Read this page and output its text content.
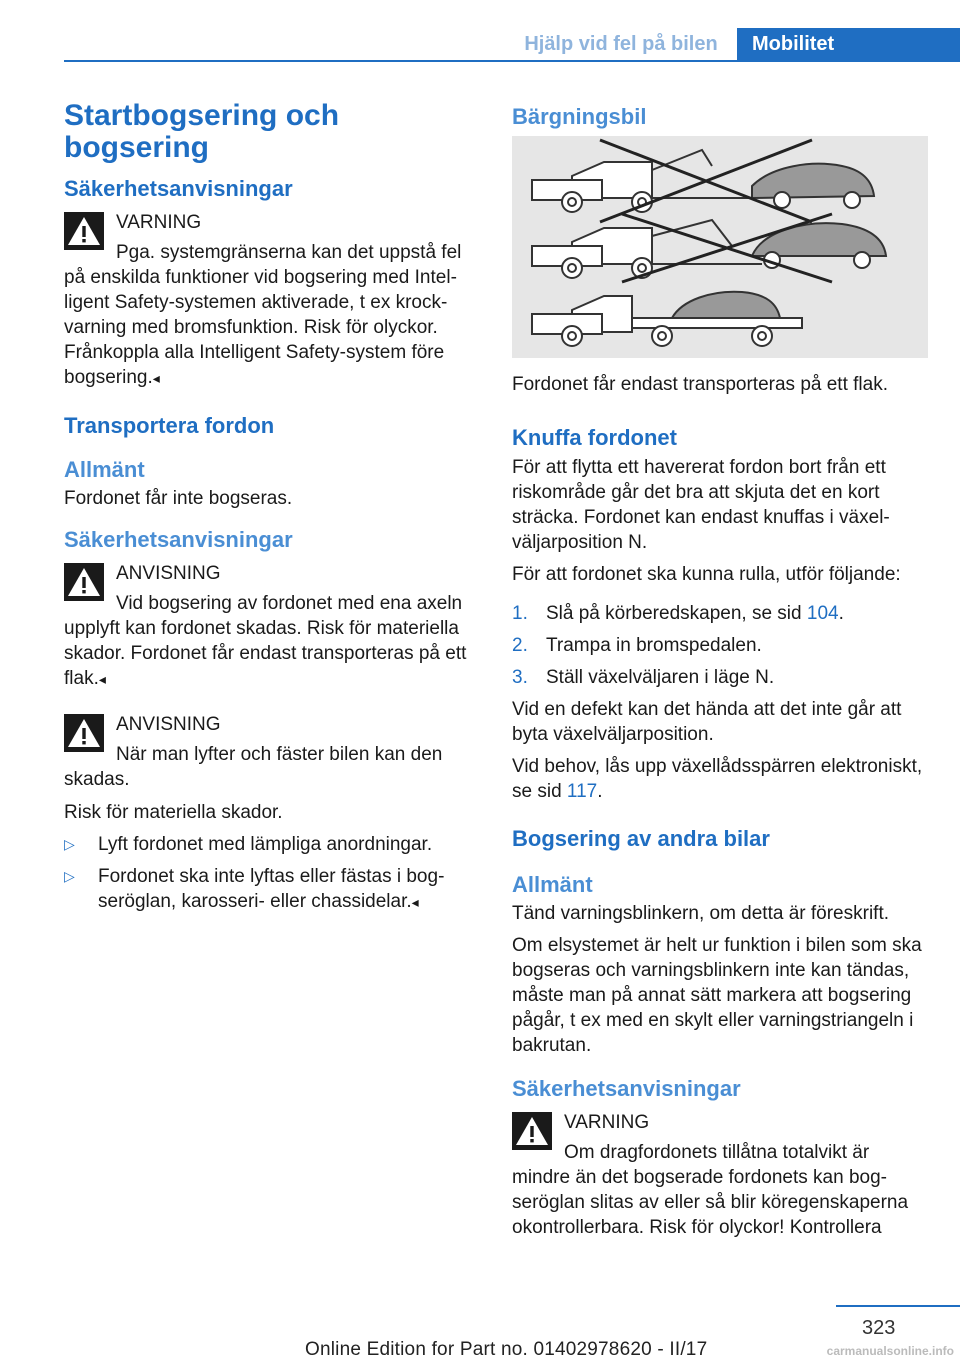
Hjälp vid fel på bilen	Mobilitet
Startbogsering och bogsering
Säkerhetsanvisningar
VARNING
Pga. systemgränserna kan det uppstå fel på enskilda funktioner vid bogsering med Intelligent Safety-systemen aktiverade, t ex krockvarning med bromsfunktion. Risk för olyckor. Frånkoppla alla Intelligent Safety-system före bogsering.◂
Transportera fordon
Allmänt

Fordonet får inte bogseras.

Säkerhetsanvisningar
ANVISNING
Vid bogsering av fordonet med ena axeln upplyft kan fordonet skadas. Risk för materiella skador. Fordonet får endast transporteras på ett flak.◂
ANVISNING
När man lyfter och fäster bilen kan den skadas.

Risk för materiella skador.

▷ Lyft fordonet med lämpliga anordningar.
▷ Fordonet ska inte lyftas eller fästas i bogseröglan, karosseri- eller chassidelar.◂
Bärgningsbil

Fordonet får endast transporteras på ett flak.

Knuffa fordonet

För att flytta ett havererat fordon bort från ett riskområde går det bra att skjuta det en kort sträcka. Fordonet kan endast knuffas i växelväljarposition N.

För att fordonet ska kunna rulla, utför följande:

1. Slå på körberedskapen, se sid 104.
2. Trampa in bromspedalen.
3. Ställ växelväljaren i läge N.

Vid en defekt kan det hända att det inte går att byta växelväljarposition.

Vid behov, lås upp växellådsspärren elektroniskt, se sid 117.

Bogsering av andra bilar
Allmänt

Tänd varningsblinkern, om detta är föreskrift.

Om elsystemet är helt ur funktion i bilen som ska bogseras och varningsblinkern inte kan tändas, måste man på annat sätt markera att bogsering pågår, t ex med en skylt eller varningstriangeln i bakrutan.

Säkerhetsanvisningar
VARNING
Om dragfordonets tillåtna totalvikt är mindre än det bogserade fordonets kan bogseröglan slitas av eller så blir köregenskaperna okontrollerbara. Risk för olyckor! Kontrollera
323
Online Edition for Part no. 01402978620 - II/17	carmanualsonline.info
